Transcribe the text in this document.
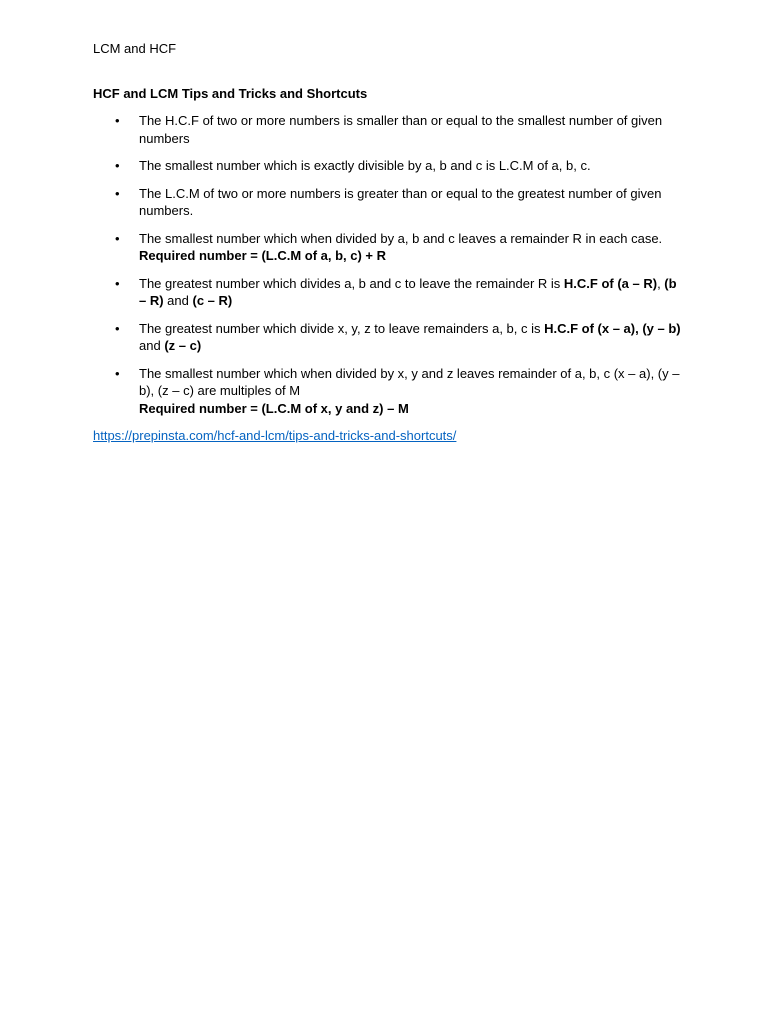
LCM and HCF

HCF and LCM Tips and Tricks and Shortcuts

• The H.C.F of two or more numbers is smaller than or equal to the smallest number of given numbers
• The smallest number which is exactly divisible by a, b and c is L.C.M of a, b, c.
• The L.C.M of two or more numbers is greater than or equal to the greatest number of given numbers.
• The smallest number which when divided by a, b and c leaves a remainder R in each case. Required number = (L.C.M of a, b, c) + R
• The greatest number which divides a, b and c to leave the remainder R is H.C.F of (a – R), (b – R) and (c – R)
• The greatest number which divide x, y, z to leave remainders a, b, c is H.C.F of (x – a), (y – b) and (z – c)
• The smallest number which when divided by x, y and z leaves remainder of a, b, c (x – a), (y – b), (z – c) are multiples of M
Required number = (L.C.M of x, y and z) – M
https://prepinsta.com/hcf-and-lcm/tips-and-tricks-and-shortcuts/
